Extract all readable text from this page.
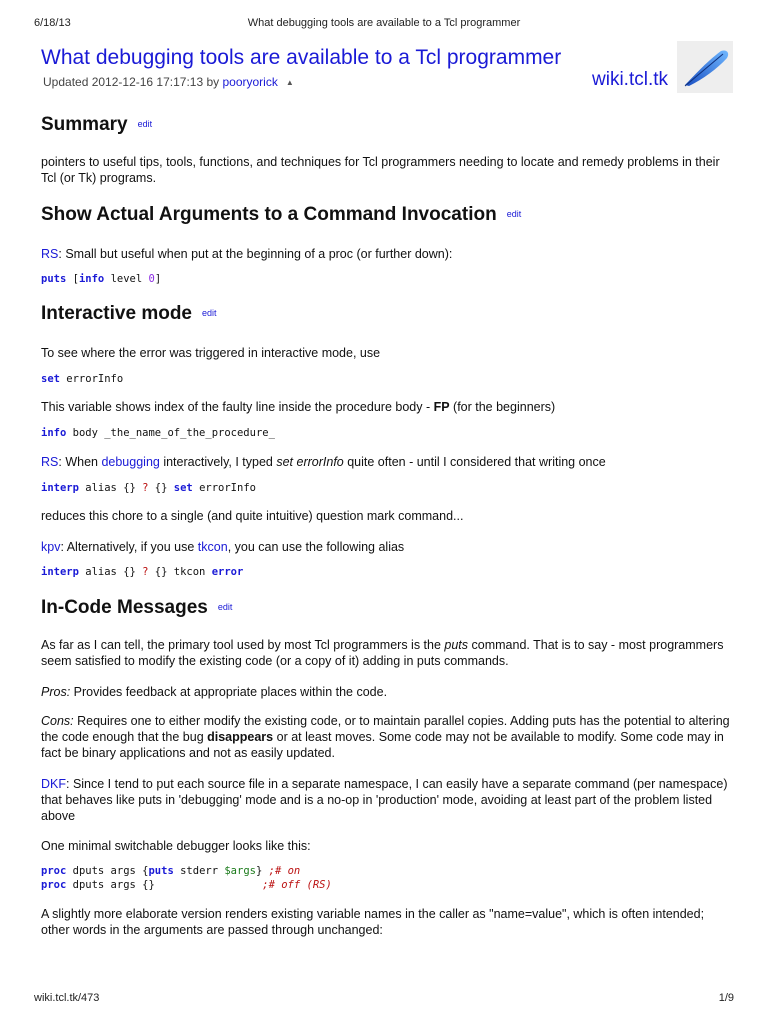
6/18/13	What debugging tools are available to a Tcl programmer
What debugging tools are available to a Tcl programmer
Updated 2012-12-16 17:17:13 by pooryorick ▲	wiki.tcl.tk
Summary edit

pointers to useful tips, tools, functions, and techniques for Tcl programmers needing to locate and remedy problems in their Tcl (or Tk) programs.

Show Actual Arguments to a Command Invocation edit

RS: Small but useful when put at the beginning of a proc (or further down):

puts [info level 0]
Interactive mode edit

To see where the error was triggered in interactive mode, use

set errorInfo

This variable shows index of the faulty line inside the procedure body - FP (for the beginners)

info body _the_name_of_the_procedure_

RS: When debugging interactively, I typed set errorInfo quite often - until I considered that writing once

interp alias {} ? {} set errorInfo

reduces this chore to a single (and quite intuitive) question mark command...

kpv: Alternatively, if you use tkcon, you can use the following alias

interp alias {} ? {} tkcon error
In-Code Messages edit

As far as I can tell, the primary tool used by most Tcl programmers is the puts command. That is to say - most programmers seem satisfied to modify the existing code (or a copy of it) adding in puts commands.

Pros: Provides feedback at appropriate places within the code.

Cons: Requires one to either modify the existing code, or to maintain parallel copies. Adding puts has the potential to altering the code enough that the bug disappears or at least moves. Some code may not be available to modify. Some code may in fact be binary applications and not as easily updated.

DKF: Since I tend to put each source file in a separate namespace, I can easily have a separate command (per namespace) that behaves like puts in 'debugging' mode and is a no-op in 'production' mode, avoiding at least part of the problem listed above

One minimal switchable debugger looks like this:

proc dputs args {puts stderr $args} ;# on
proc dputs args {}                 ;# off (RS)

A slightly more elaborate version renders existing variable names in the caller as "name=value", which is often intended; other words in the arguments are passed through unchanged:

wiki.tcl.tk/473	1/9
